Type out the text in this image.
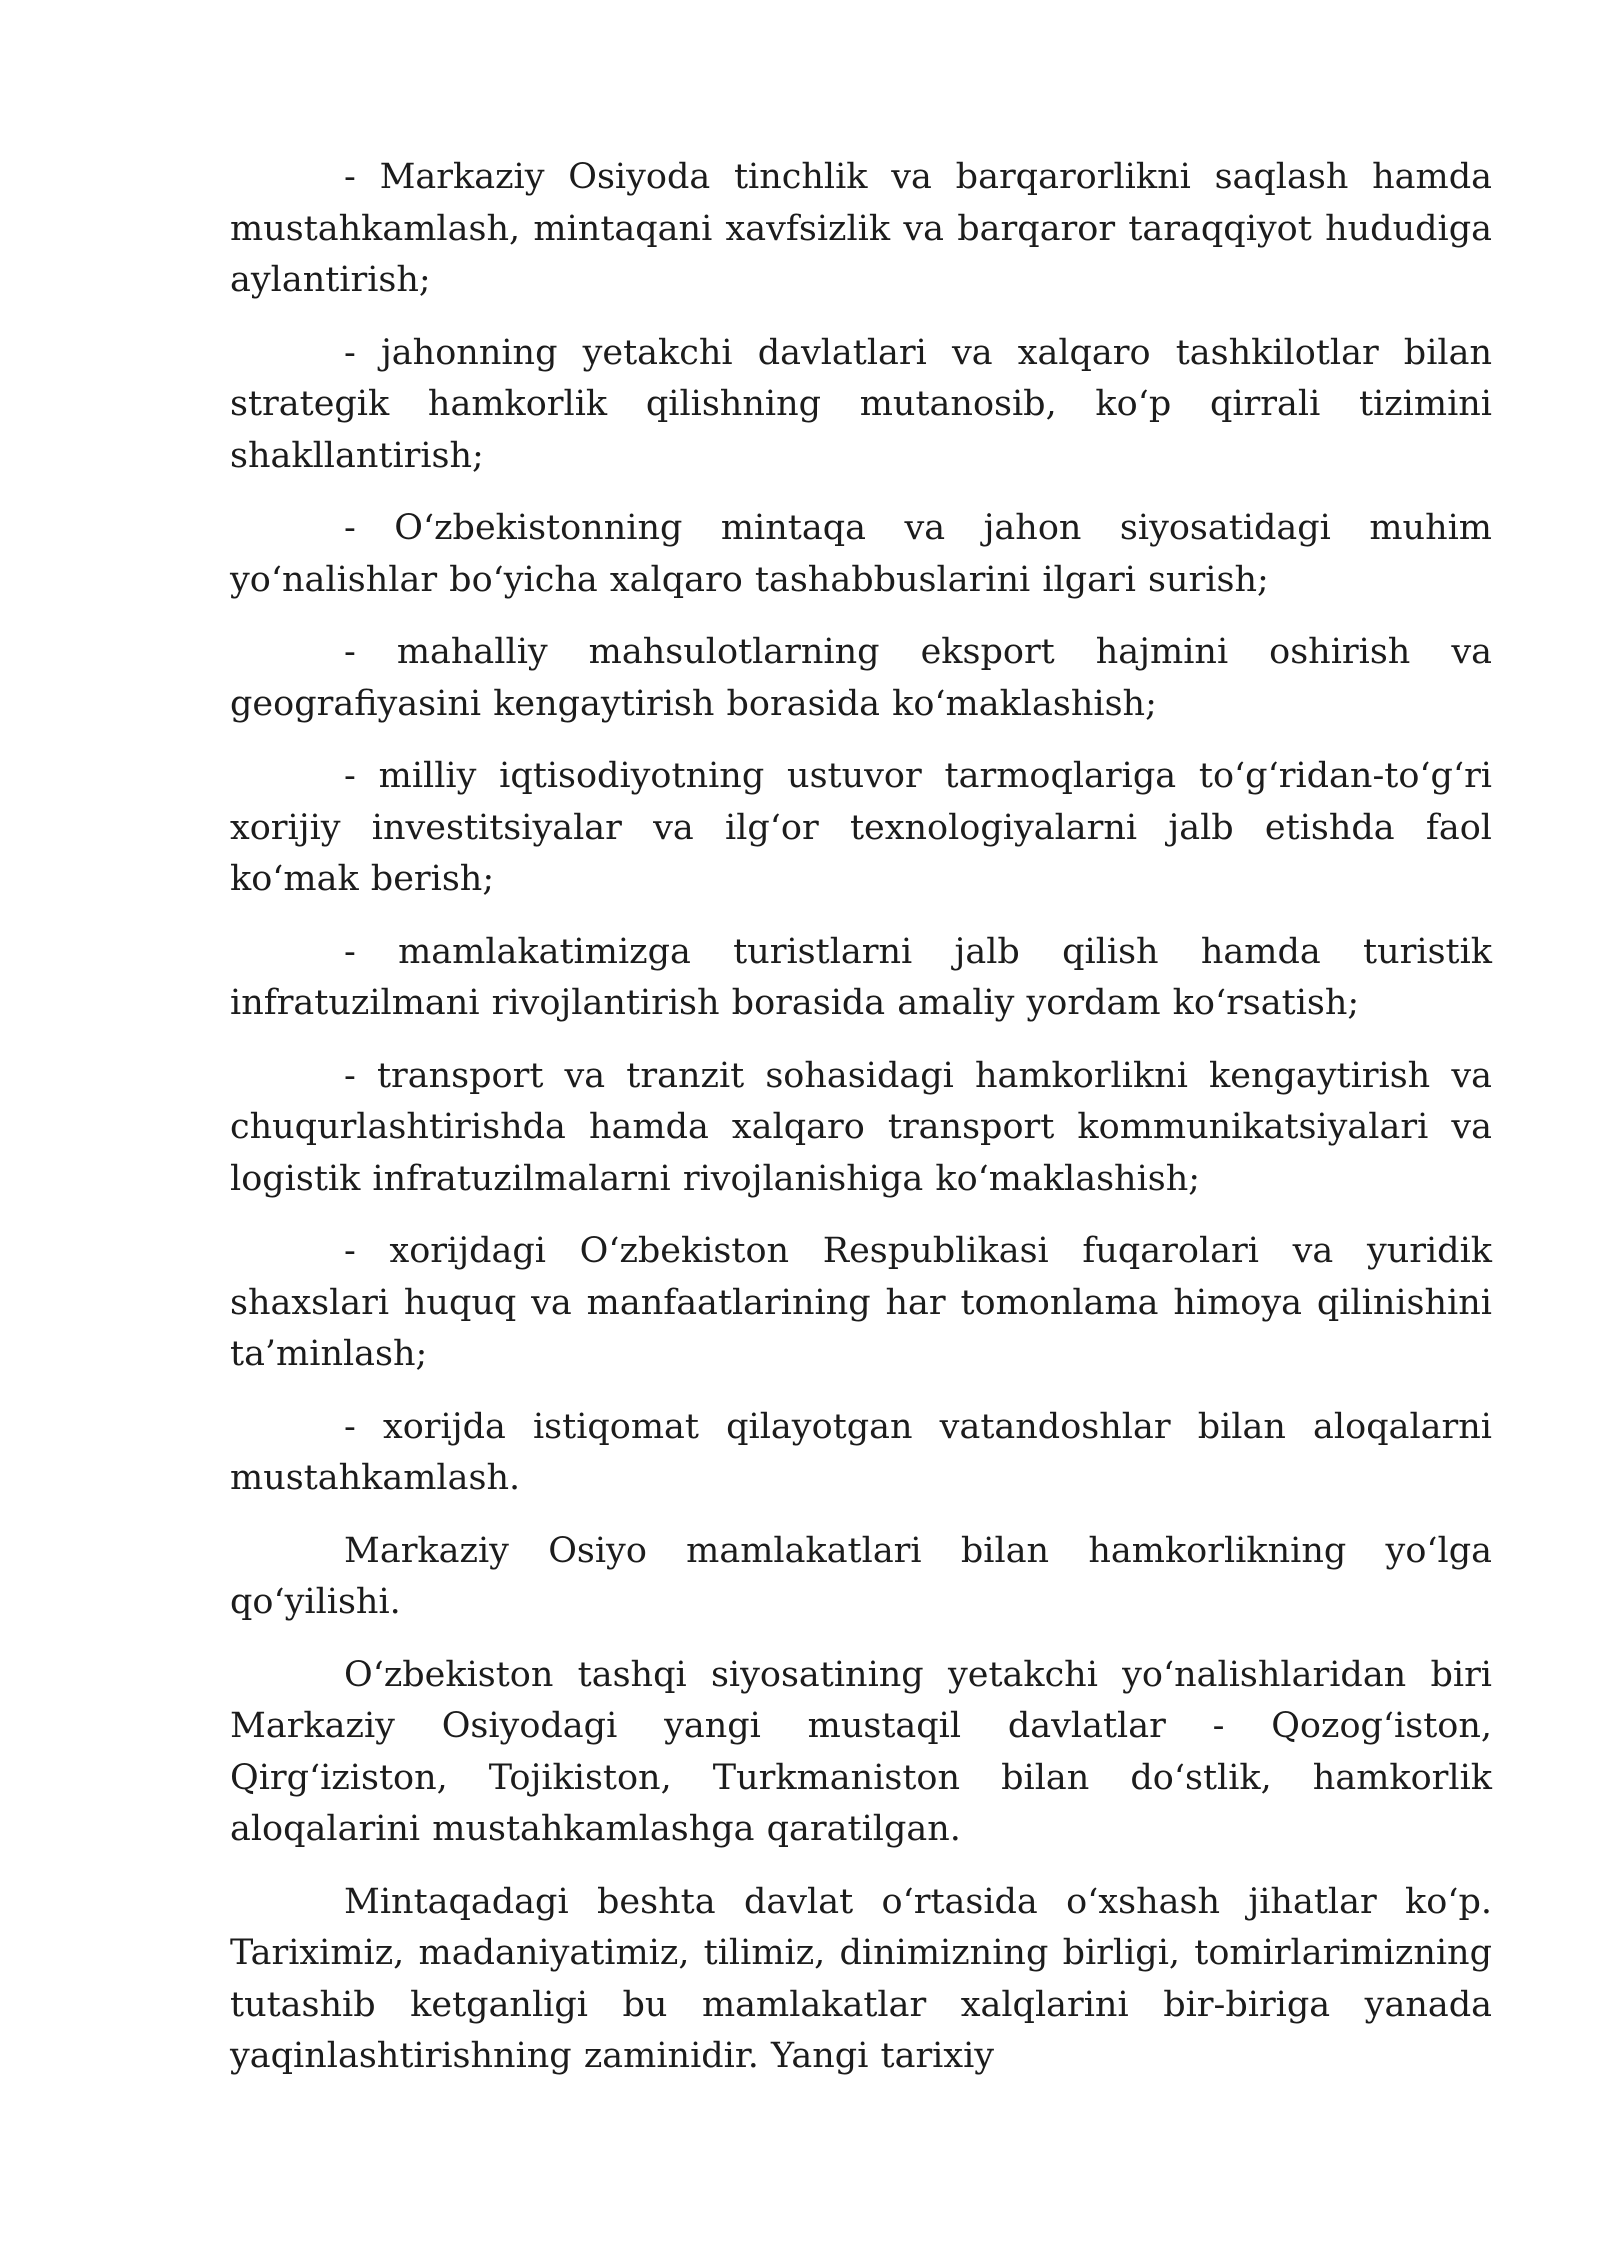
- Markaziy Osiyoda tinchlik va barqarorlikni saqlash hamda mustahkamlash, mintaqani xavfsizlik va barqaror taraqqiyot hududiga aylantirish;

- jahonning yetakchi davlatlari va xalqaro tashkilotlar bilan strategik hamkorlik qilishning mutanosib, ko‘p qirrali tizimini shakllantirish;

- O‘zbekistonning mintaqa va jahon siyosatidagi muhim yo‘nalishlar bo‘yicha xalqaro tashabbuslarini ilgari surish;

- mahalliy mahsulotlarning eksport hajmini oshirish va geografiyasini kengaytirish borasida ko‘maklashish;

- milliy iqtisodiyotning ustuvor tarmoqlariga to‘g‘ridan-to‘g‘ri xorijiy investitsiyalar va ilg‘or texnologiyalarni jalb etishda faol ko‘mak berish;

- mamlakatimizga turistlarni jalb qilish hamda turistik infratuzilmani rivojlantirish borasida amaliy yordam ko‘rsatish;

- transport va tranzit sohasidagi hamkorlikni kengaytirish va chuqurlashtirishda hamda xalqaro transport kommunikatsiyalari va logistik infratuzilmalarni rivojlanishiga ko‘maklashish;

- xorijdagi O‘zbekiston Respublikasi fuqarolari va yuridik shaxslari huquq va manfaatlarining har tomonlama himoya qilinishini ta’minlash;

- xorijda istiqomat qilayotgan vatandoshlar bilan aloqalarni mustahkamlash.

Markaziy Osiyo mamlakatlari bilan hamkorlikning yo‘lga qo‘yilishi.

O‘zbekiston tashqi siyosatining yetakchi yo‘nalishlaridan biri Markaziy Osiyodagi yangi mustaqil davlatlar - Qozog‘iston, Qirg‘iziston, Tojikiston, Turkmaniston bilan do‘stlik, hamkorlik aloqalarini mustahkamlashga qaratilgan.

Mintaqadagi beshta davlat o‘rtasida o‘xshash jihatlar ko‘p. Tariximiz, madaniyatimiz, tilimiz, dinimizning birligi, tomirlarimizning tutashib ketganligi bu mamlakatlar xalqlarini bir-biriga yanada yaqinlashtirishning zaminidir. Yangi tarixiy
